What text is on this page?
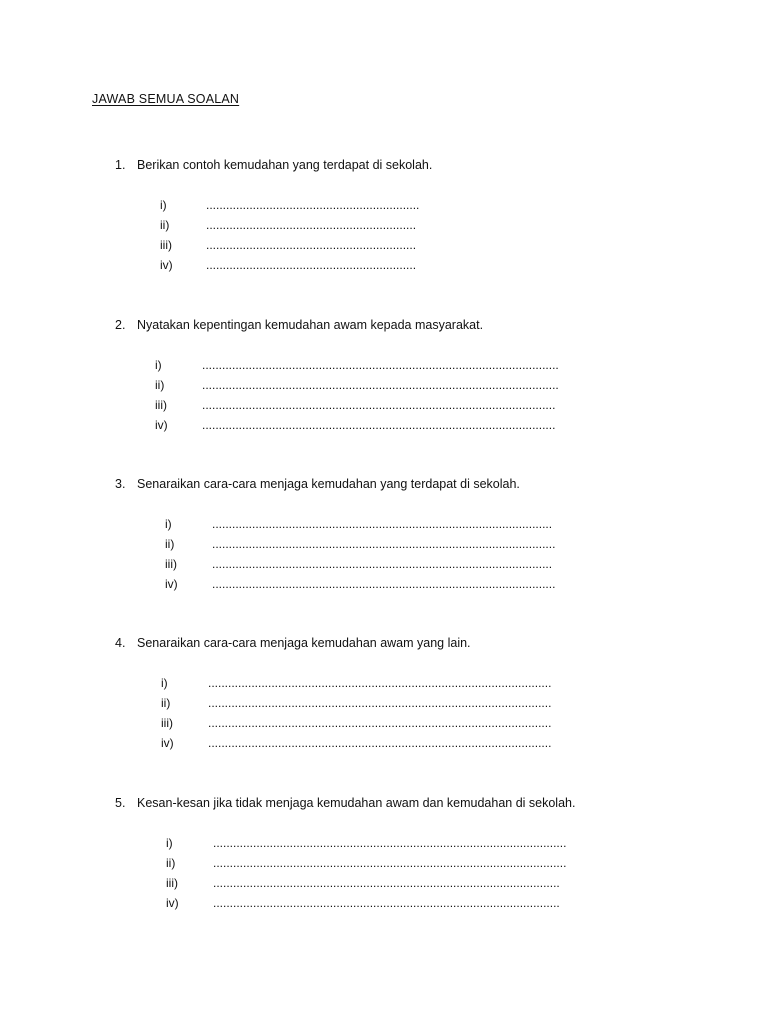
JAWAB SEMUA SOALAN
1. Berikan contoh kemudahan yang terdapat di sekolah.
i)	................................................................
ii)	...............................................................
iii)	...............................................................
iv)	...............................................................
2. Nyatakan kepentingan kemudahan awam kepada masyarakat.
i)	...........................................................................................................
ii)	...........................................................................................................
iii)	..........................................................................................................
iv)	..........................................................................................................
3. Senaraikan cara-cara menjaga kemudahan yang terdapat di sekolah.
i)	......................................................................................................
ii)	.......................................................................................................
iii)	......................................................................................................
iv)	.......................................................................................................
4. Senaraikan cara-cara menjaga kemudahan awam yang lain.
i)	.......................................................................................................
ii)	.......................................................................................................
iii)	.......................................................................................................
iv)	.......................................................................................................
5. Kesan-kesan jika tidak menjaga kemudahan awam dan kemudahan di sekolah.
i)	..........................................................................................................
ii)	..........................................................................................................
iii)	........................................................................................................
iv)	........................................................................................................
